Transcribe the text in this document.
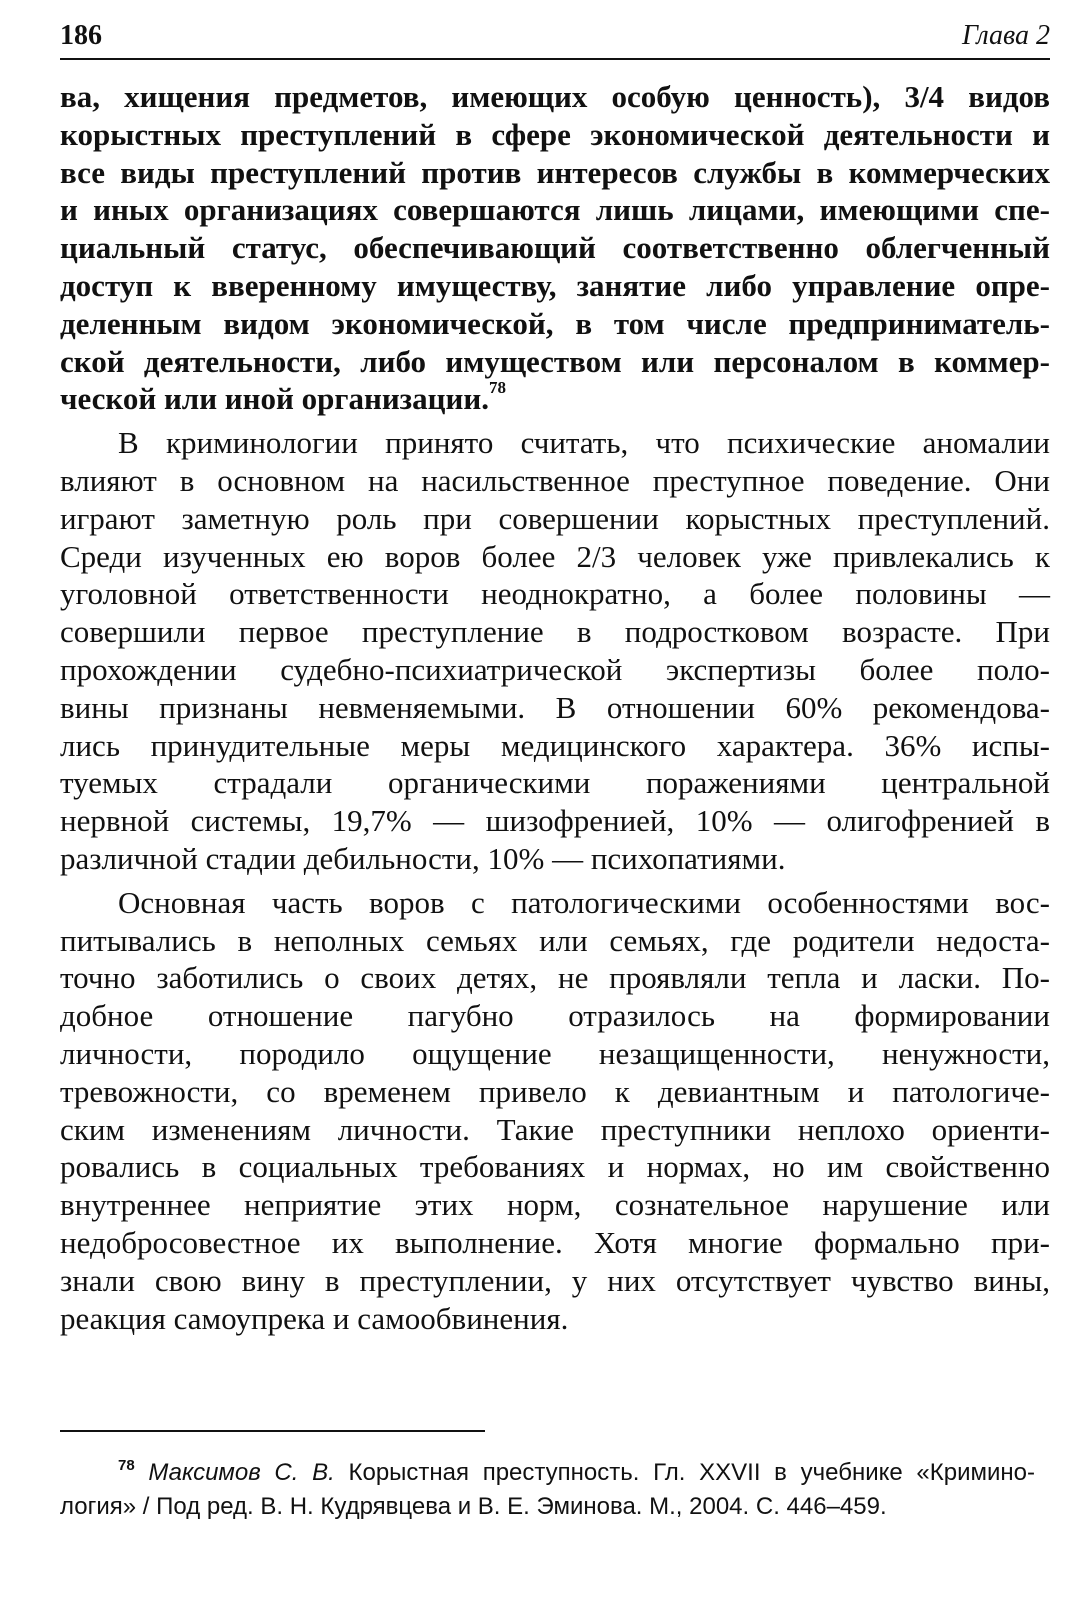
186	Глава 2
ва, хищения предметов, имеющих особую ценность), 3/4 видов
корыстных преступлений в сфере экономической деятельности и
все виды преступлений против интересов службы в коммерческих
и иных организациях совершаются лишь лицами, имеющими спе-
циальный статус, обеспечивающий соответственно облегченный
доступ к вверенному имуществу, занятие либо управление опре-
деленным видом экономической, в том числе предприниматель-
ской деятельности, либо имуществом или персоналом в коммер-
ческой или иной организации.$^{78}$
В криминологии принято считать, что психические аномалии
влияют в основном на насильственное преступное поведение. Они
играют заметную роль при совершении корыстных преступлений.
Среди изученных ею воров более 2/3 человек уже привлекались к
уголовной ответственности неоднократно, а более половины —
совершили первое преступление в подростковом возрасте. При
прохождении судебно-психиатрической экспертизы более поло-
вины признаны невменяемыми. В отношении 60% рекомендова-
лись принудительные меры медицинского характера. 36% испы-
туемых страдали органическими поражениями центральной
нервной системы, 19,7% — шизофренией, 10% — олигофренией в
различной стадии дебильности, 10% — психопатиями.
Основная часть воров с патологическими особенностями вос-
питывались в неполных семьях или семьях, где родители недоста-
точно заботились о своих детях, не проявляли тепла и ласки. По-
добное отношение пагубно отразилось на формировании
личности, породило ощущение незащищенности, ненужности,
тревожности, со временем привело к девиантным и патологиче-
ским изменениям личности. Такие преступники неплохо ориенти-
ровались в социальных требованиях и нормах, но им свойственно
внутреннее неприятие этих норм, сознательное нарушение или
недобросовестное их выполнение. Хотя многие формально при-
знали свою вину в преступлении, у них отсутствует чувство вины,
реакция самоупрека и самообвинения.
$^{78}$ Максимов С. В. Корыстная преступность. Гл. XXVII в учебнике «Кримино-
логия» / Под ред. В. Н. Кудрявцева и В. Е. Эминова. М., 2004. С. 446–459.
